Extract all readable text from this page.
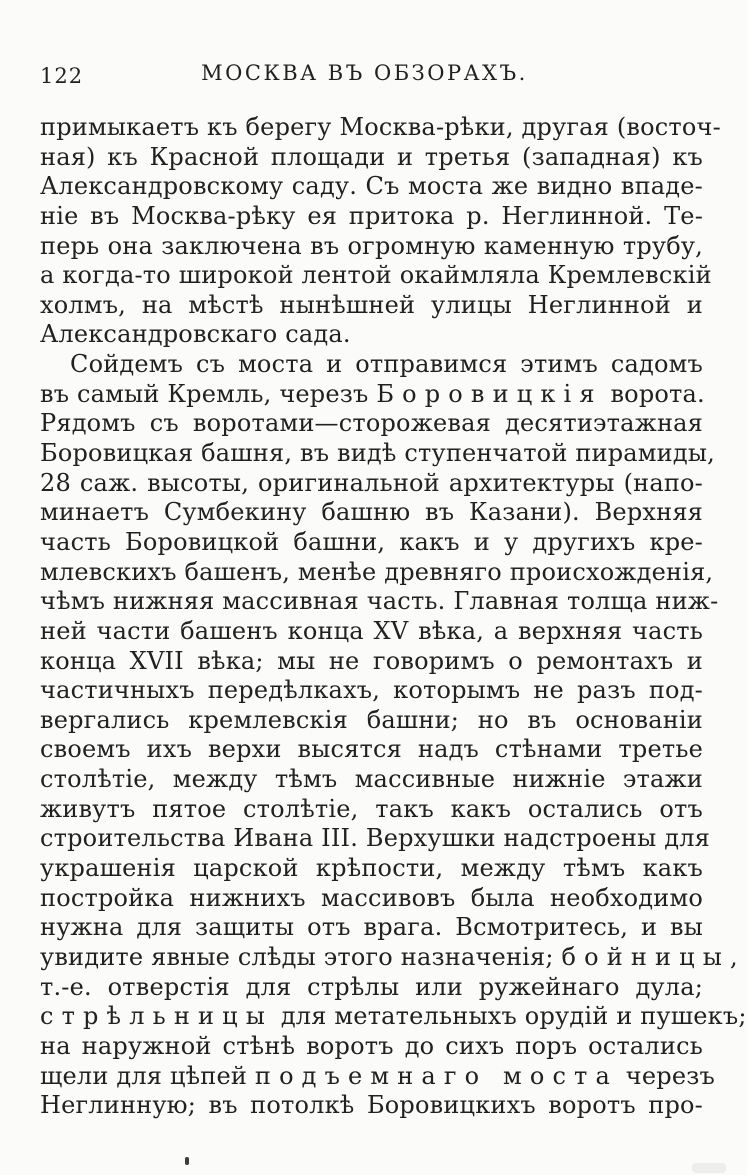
122	МОСКВА ВЪ ОБЗОРАХЪ.
примыкаетъ къ берегу Москва-рѣки, другая (восточ-
ная) къ Красной площади и третья (западная) къ
Александровскому саду. Съ моста же видно впаде-
ніе въ Москва-рѣку ея притока р. Неглинной. Те-
перь она заключена въ огромную каменную трубу,
а когда-то широкой лентой окаймляла Кремлевскій
холмъ, на мѣстѣ нынѣшней улицы Неглинной и
Александровскаго сада.
Сойдемъ съ моста и отправимся этимъ садомъ
въ самый Кремль, черезъ Боровицкія ворота.
Рядомъ съ воротами—сторожевая десятиэтажная
Боровицкая башня, въ видѣ ступенчатой пирамиды,
28 саж. высоты, оригинальной архитектуры (напо-
минаетъ Сумбекину башню въ Казани). Верхняя
часть Боровицкой башни, какъ и у другихъ кре-
млевскихъ башенъ, менѣе древняго происхожденія,
чѣмъ нижняя массивная часть. Главная толща ниж-
ней части башенъ конца XV вѣка, а верхняя часть
конца XVII вѣка; мы не говоримъ о ремонтахъ и
частичныхъ передѣлкахъ, которымъ не разъ под-
вергались кремлевскія башни; но въ основаніи
своемъ ихъ верхи высятся надъ стѣнами третье
столѣтіе, между тѣмъ массивные нижніе этажи
живутъ пятое столѣтіе, такъ какъ остались отъ
строительства Ивана III. Верхушки надстроены для
украшенія царской крѣпости, между тѣмъ какъ
постройка нижнихъ массивовъ была необходимо
нужна для защиты отъ врага. Всмотритесь, и вы
увидите явные слѣды этого назначенія; бойницы,
т.-е. отверстія для стрѣлы или ружейнаго дула;
стрѣльницы для метательныхъ орудій и пушекъ;
на наружной стѣнѣ воротъ до сихъ поръ остались
щели для цѣпей подъемнаго моста черезъ
Неглинную; въ потолкѣ Боровицкихъ воротъ про-
